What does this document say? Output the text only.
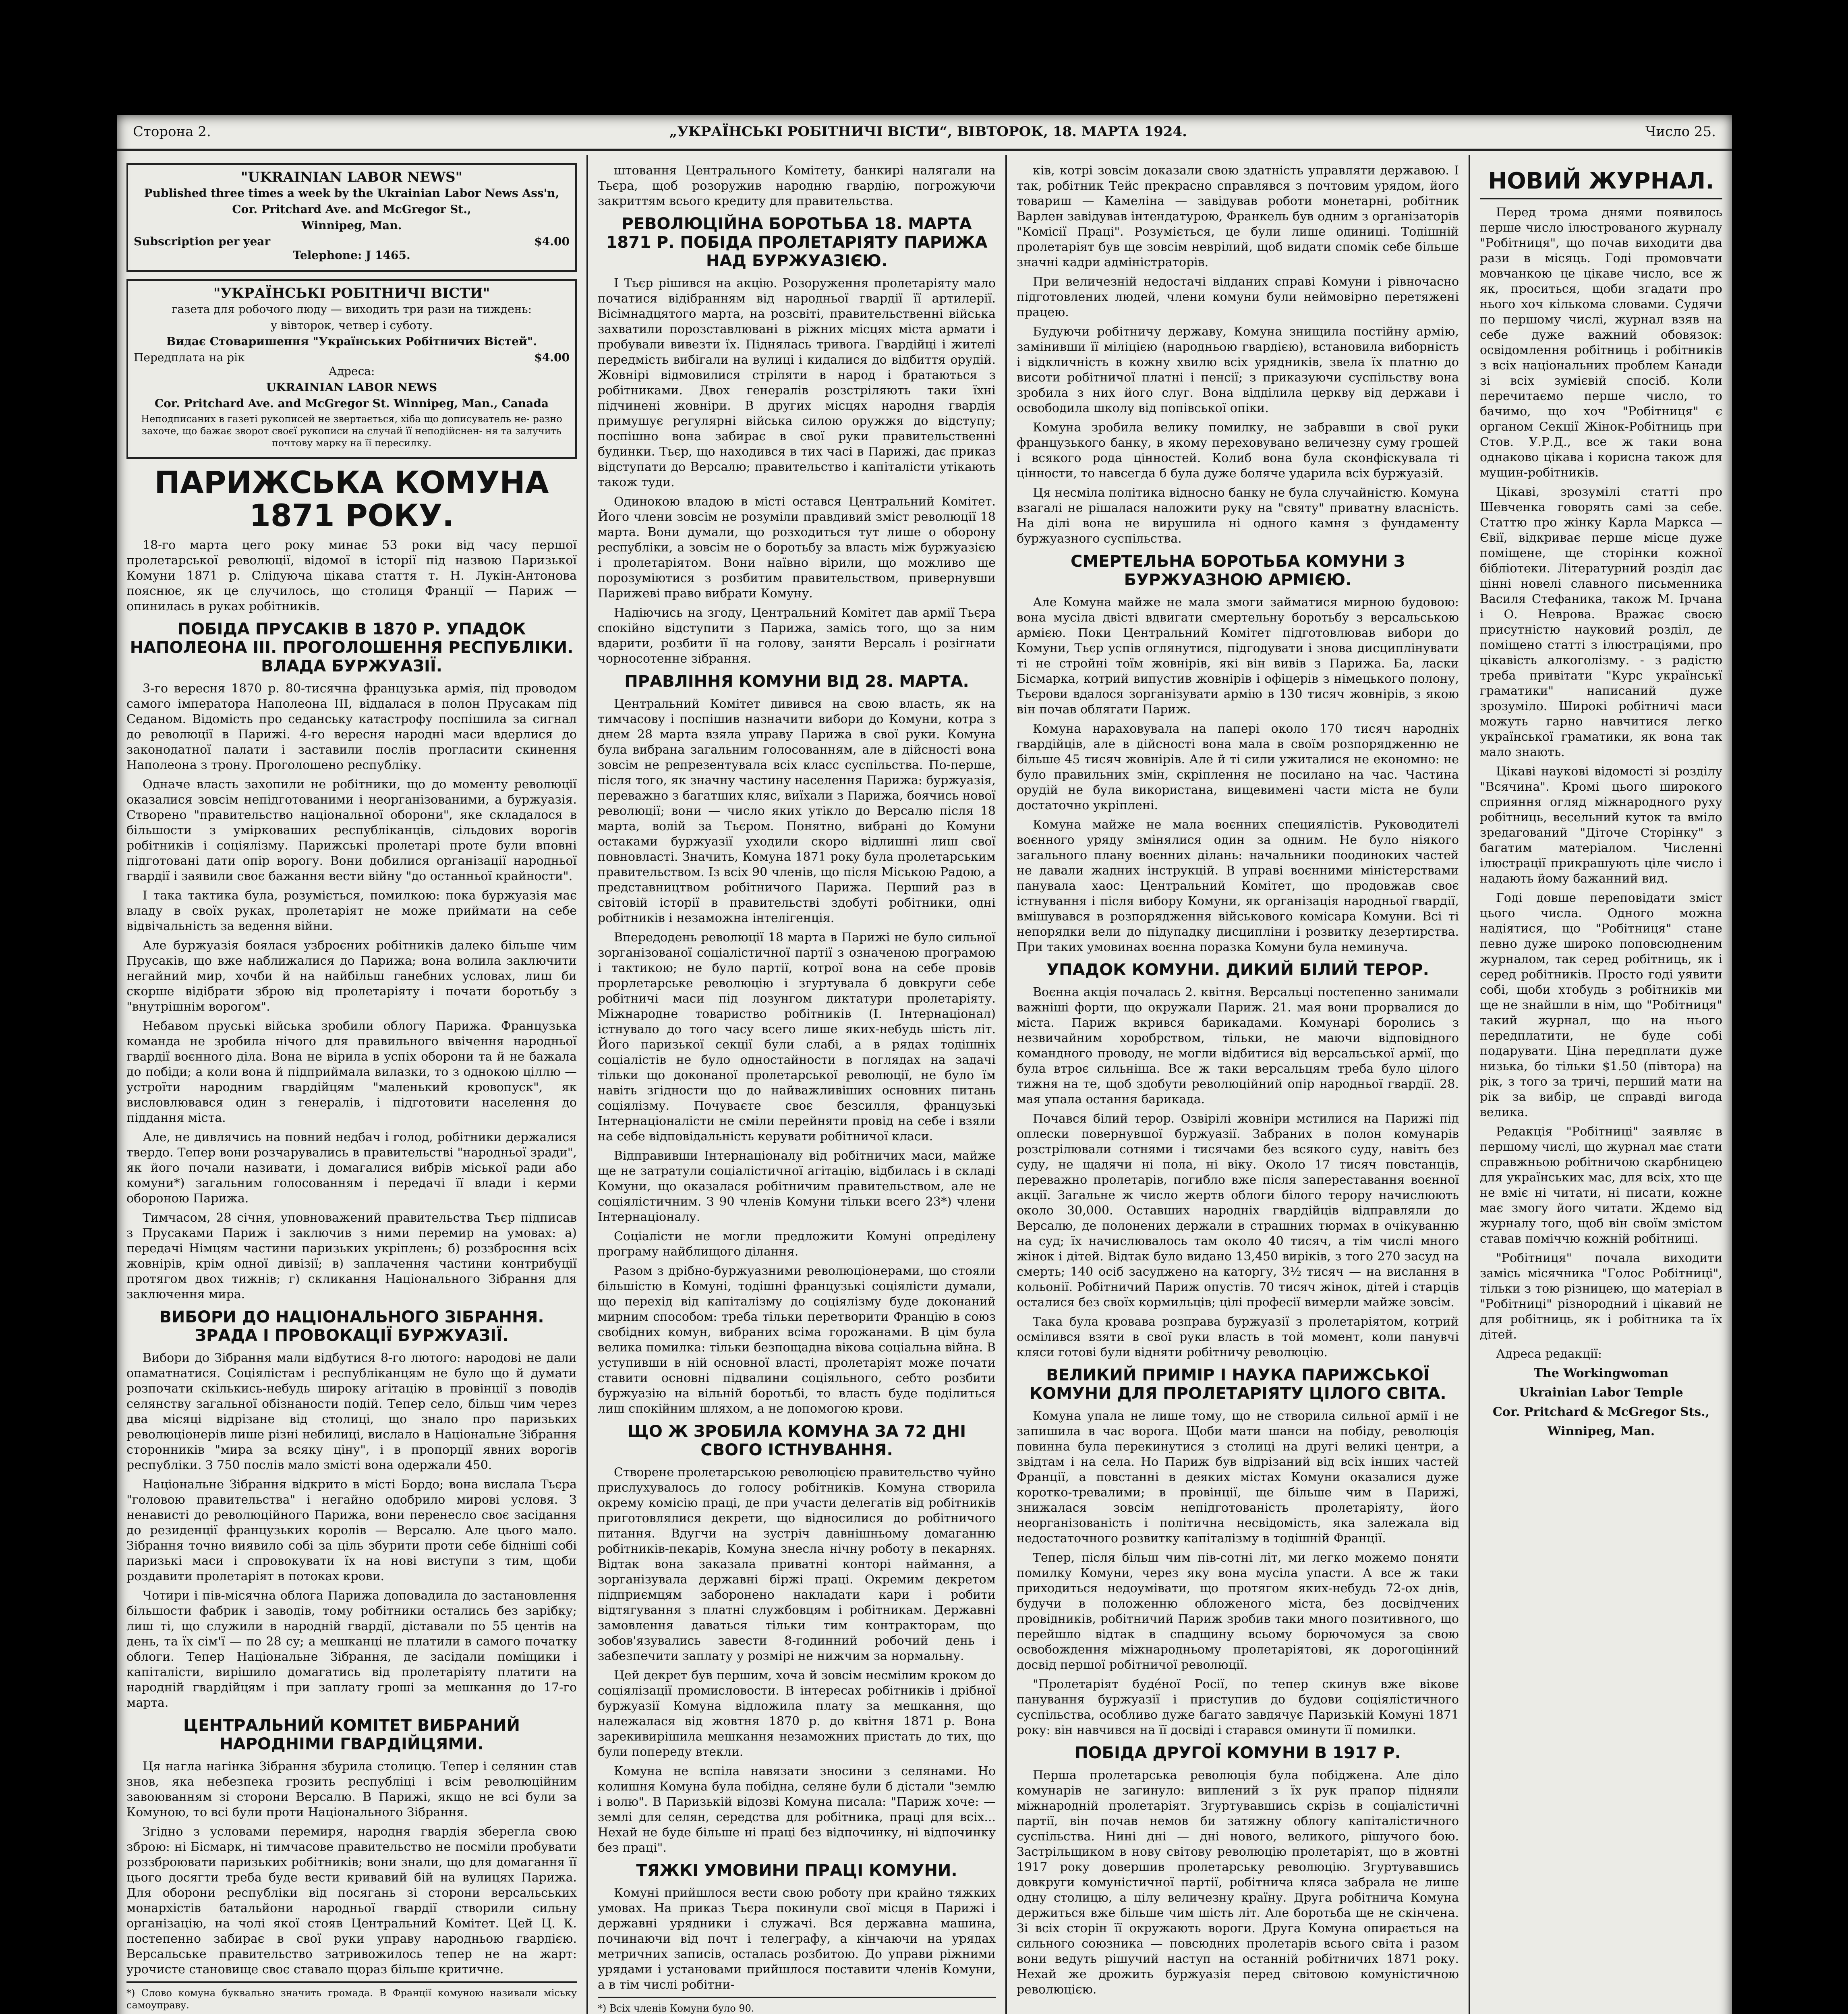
Сторона 2.	„УКРАЇНСЬКІ РОБІТНИЧІ ВІСТИ“, ВІВТОРОК, 18. МАРТА 1924.	Число 25.

"UKRAINIAN LABOR NEWS"

Published three times a week by the Ukrainian Labor News Ass'n,

Cor. Pritchard Ave. and McGregor St.,

Winnipeg, Man.

Subscription per year	$4.00

Telephone: J 1465.

"УКРАЇНСЬКІ РОБІТНИЧІ ВІСТИ"

газета для робочого люду — виходить три рази на тиждень:

у вівторок, четвер і суботу.

Видає Стоваришення "Українських Робітничих Вістей".

Передплата на рік	$4.00

Адреса:

UKRAINIAN LABOR NEWS

Cor. Pritchard Ave. and McGregor St. Winnipeg, Man., Canada

Неподписаних в газеті рукописей не звертається, хіба що дописуватель не- разно захоче, що бажає зворот своєї рукописи на случай її неподійснен- ня та залучить почтову марку на її пересилку.

ПАРИЖСЬКА КОМУНА 1871 РОКУ.

18-го марта цего року минає 53 роки від часу першої пролетарської революції, відомої в історії під назвою Паризької Комуни 1871 р. Слідуюча цікава стаття т. Н. Лукін-Антонова пояснює, як це случилось, що столиця Франції — Париж — опинилась в руках робітників.

ПОБІДА ПРУСАКІВ В 1870 Р. УПАДОК НАПОЛЕОНА III. ПРОГОЛОШЕННЯ РЕСПУБЛІКИ. ВЛАДА БУРЖУАЗІЇ.

3-го вересня 1870 р. 80-тисячна французька армія, під проводом самого імператора Наполеона III, віддалася в полон Прусакам під Седаном. Відомість про седанську катастрофу поспішила за сигнал до революції в Парижі. 4-го вересня народні маси вдерлися до законодатної палати і заставили послів прогласити скинення Наполеона з трону. Проголошено республіку.

Одначе власть захопили не робітники, що до моменту революції оказалися зовсім непідготованими і неорганізованими, а буржуазія. Створено "правительство національної оборони", яке складалося в більшости з умірковаших республіканців, сільдових ворогів робітників і соціялізму. Парижські пролетарі проте були вповні підготовані дати опір ворогу. Вони добилися організації народньої гвардії і заявили своє бажання вести війну "до останньої крайности".

І така тактика була, розуміється, помилкою: пока буржуазія має владу в своїх руках, пролетаріят не може приймати на себе відвічальність за ведення війни.

Але буржуазія боялася узброєних робітників далеко більше чим Прусаків, що вже наближалися до Парижа; вона волила заключити негайний мир, хочби й на найбільш ганебних условах, лиш би скорше відібрати зброю від пролетаріяту і почати боротьбу з "внутрішнім ворогом".

Небавом пруські війська зробили облогу Парижа. Французька команда не зробила нічого для правильного ввічення народньої гвардії воєнного діла. Вона не вірила в успіх оборони та й не бажала до побіди; а коли вона й підприймала вилазки, то з однокою ціллю — устроїти народним гвардійцям "маленький кровопуск", як висловлювався один з генералів, і підготовити населення до піддання міста.

Але, не дивлячись на повний недбач і голод, робітники держалися твердо. Тепер вони розчарувались в правительстві "народньої зради", як його почали називати, і домагалися вибрів міської ради або комуни*) загальним голосованням і передачі її влади і керми обороною Парижа.

Тимчасом, 28 січня, уповноважений правительства Тьєр підписав з Прусаками Париж і заключив з ними перемир на умовах: а) передачі Німцям частини паризьких укріплень; б) роззброєння всіх жовнірів, крім одної дивізії; в) заплачення частини контрибуції протягом двох тижнів; г) скликання Національного Зібрання для заключення мира.

ВИБОРИ ДО НАЦІОНАЛЬНОГО ЗІБРАННЯ. ЗРАДА І ПРОВОКАЦІЇ БУРЖУАЗІЇ.

Вибори до Зібрання мали відбутися 8-го лютого: народові не дали опаматнатися. Соціялістам і республіканцям не було що й думати розпочати скількись-небудь широку агітацію в провінції з поводів селянству загальної обізнаности подій. Тепер село, більш чим через два місяці відрізане від столиці, що знало про паризьких революціонерів лише різні небилиці, вислало в Національне Зібрання сторонників "мира за всяку ціну", і в пропорції явних ворогів республіки. З 750 послів мало змісті вона одержали 450.

Національне Зібрання відкрито в місті Бордо; вона вислала Тьєра "головою правительства" і негайно одобрило мирові условя. З ненависті до революційного Парижа, вони перенесло своє засідання до резиденції французьких королів — Версалю. Але цього мало. Зібрання точно виявило собі за ціль збурити проти себе бідніші собі паризькі маси і спровокувати їх на нові виступи з тим, щоби роздавити пролетаріят в потоках крови.

Чотири і пів-місячна облога Парижа доповадила до застановлення більшости фабрик і заводів, тому робітники остались без зарібку; лиш ті, що служили в народній гвардії, діставали по 55 центів на день, та їх сім'ї — по 28 су; а мешканці не платили в самого початку облоги. Тепер Національне Зібрання, де засідали поміщики і капіталісти, вирішило домагатись від пролетаріяту платити на народній гвардійцям і при заплату гроші за мешкання до 17-го марта.

ЦЕНТРАЛЬНИЙ КОМІТЕТ ВИБРАНИЙ НАРОДНІМИ ГВАРДІЙЦЯМИ.

Ця нагла нагінка Зібрання збурила столицю. Тепер і селянин став знов, яка небезпека грозить республіці і всім революційним завоюванням зі сторони Версалю. В Парижі, якщо не всі були за Комуною, то всі були проти Національного Зібрання.

Згідно з условами перемиря, народня гвардія зберегла свою зброю: ні Бісмарк, ні тимчасове правительство не посміли пробувати роззброювати паризьких робітників; вони знали, що для домагання її цього досягти треба буде вести кривавий бій на вулицях Парижа. Для оборони республіки від посягань зі сторони версальських монархістів батальйони народньої гвардії створили сильну організацію, на чолі якої стояв Центральний Комітет. Цей Ц. К. постепенно забирає в свої руки управу народньою гвардією. Версальське правительство затривожилось тепер не на жарт: урочисте становище своє ставало щораз більше критичне.

*) Слово комуна буквально значить громада. В Франції комуною називали міську самоуправу.

штовання Центрального Комітету, банкирі налягали на Тьєра, щоб розоружив народню гвардію, погрожуючи закриттям всього кредиту для правительства.

РЕВОЛЮЦІЙНА БОРОТЬБА 18. МАРТА 1871 Р. ПОБІДА ПРОЛЕТАРІЯТУ ПАРИЖА НАД БУРЖУАЗІЄЮ.

І Тьєр рішився на акцію. Розоруження пролетаріяту мало початися відібранням від народньої гвардії її артилерії. Вісімнадцятого марта, на розсвіті, правительственні війська захватили порозставлювані в ріжних місцях міста армати і пробували вивезти їх. Піднялась тривога. Гвардійці і жителі передмість вибігали на вулиці і кидалися до відбиття орудій. Жовнірі відмовилися стріляти в народ і братаються з робітниками. Двох генералів розстріляють таки їхні підчинені жовніри. В других місцях народня гвардія примушує регулярні війська силою оружжя до відступу; поспішно вона забирає в свої руки правительственні будинки. Тьєр, що находився в тих часі в Парижі, дає приказ відступати до Версалю; правительство і капіталісти утікають також туди.

Одинокою владою в місті остався Центральний Комітет. Його члени зовсім не розуміли правдивий зміст революції 18 марта. Вони думали, що розходиться тут лише о оборону республіки, а зовсім не о боротьбу за власть між буржуазією і пролетаріятом. Вони наївно вірили, що можливо ще порозуміютися з розбитим правительством, привернувши Парижеві право вибрати Комуну.

Надіючись на згоду, Центральний Комітет дав армії Тьєра спокійно відступити з Парижа, замісь того, що за ним вдарити, розбити її на голову, заняти Версаль і розігнати чорносотенне зібрання.

ПРАВЛІННЯ КОМУНИ ВІД 28. МАРТА.

Центральний Комітет дивився на свою власть, як на тимчасову і поспішив назначити вибори до Комуни, котра з днем 28 марта взяла управу Парижа в свої руки. Комуна була вибрана загальним голосованням, але в дійсності вона зовсім не репрезентувала всіх класс суспільства. По-перше, після того, як значну частину населення Парижа: буржуазія, переважно з багатших кляс, виїхали з Парижа, боячись нової революції; вони — число яких утікло до Версалю після 18 марта, волій за Тьєром. Понятно, вибрані до Комуни остаками буржуазії уходили скоро відлишні лиш свої повновласті. Значить, Комуна 1871 року була пролетарським правительством. Із всіх 90 членів, що після Міською Радою, а представництвом робітничого Парижа. Перший раз в світовій історії в правительстві здобуті робітники, одні робітників і незаможна інтелігенція.

Впередодень революції 18 марта в Парижі не було сильної зорганізованої соціалістичної партії з означеною програмою і тактикою; не було партії, котрої вона на себе провів прорлетарське революцію і згуртувала б довкруги себе робітничі маси під лозунгом диктатури пролетаріяту. Міжнародне товариство робітників (І. Інтернаціонал) істнувало до того часу всего лише яких-небудь шість літ. Його паризької секції були слабі, а в рядах тодішніх соціалістів не було одностайности в поглядах на задачі тільки що доконаної пролетарської революції, не було їм навіть згідности що до найважливіших основних питань соціялізму. Почуваєте своє безсилля, французькі Інтернаціоналісти не сміли перейняти провід на себе і взяли на себе відповідальність керувати робітничої класи.

Відправивши Інтернаціоналу від робітничих маси, майже ще не затратули соціалістичної агітацію, відбилась і в складі Комуни, що оказалася робітничим правительством, але не соціялістичним. З 90 членів Комуни тільки всего 23*) члени Інтернаціоналу.

Соціалісти не могли предложити Комуні опреділену програму найблищого ділання.

Разом з дрібно-буржуазними революціонерами, що стояли більшістю в Комуні, тодішні французькі соціялісти думали, що перехід від капіталізму до соціялізму буде доконаний мирним способом: треба тільки перетворити Францію в союз свобідних комун, вибраних всіма горожанами. В цім була велика помилка: тільки безпощадна вікова соціальна війна. В уступивши в ній основної власті, пролетаріят може почати ставити основні підвалини соціяльного, себто розбити буржуазію на вільній боротьбі, то власть буде поділиться лиш спокійним шляхом, а не допомогою крови.

ЩО Ж ЗРОБИЛА КОМУНА ЗА 72 ДНІ СВОГО ІСТНУВАННЯ.

Створене пролетарською революцією правительство чуйно прислухувалось до голосу робітників. Комуна створила окрему комісію праці, де при участи делегатів від робітників приготовлялися декрети, що відносилися до робітничого питання. Вдугчи на зустріч давнішньому домаганню робітників-пекарів, Комуна знесла нічну роботу в пекарнях. Відтак вона заказала приватні конторі наймання, а зорганізувала державні біржі праці. Окремим декретом підприємцям заборонено накладати кари і робити відтягування з платні службовцям і робітникам. Державні замовлення даваться тільки тим контракторам, що зобов'язувались завести 8-годинний робочий день і забезпечити заплату у розмірі не нижчим за нормальну.

Цей декрет був першим, хоча й зовсім несмілим кроком до соціялізації промисловости. В інтересах робітників і дрібної буржуазії Комуна відложила плату за мешкання, що належалася від жовтня 1870 р. до квітня 1871 р. Вона зарекивирішила мешкання незаможних пристать до тих, що були попереду втекли.

Комуна не вспіла навязати зносини з селянами. Но колишня Комуна була побідна, селяне були б дістали "землю і волю". В Паризькій відозві Комуна писала: "Париж хоче: — землі для селян, середства для робітника, праці для всіх... Нехай не буде більше ні праці без відпочинку, ні відпочинку без праці".

ТЯЖКІ УМОВИНИ ПРАЦІ КОМУНИ.

Комуні прийшлося вести свою роботу при крайно тяжких умовах. На приказ Тьєра покинули свої місця в Парижі і державні урядники і служачі. Вся державна машина, починаючи від почт і телеграфу, а кінчаючи на урядах метричних записів, осталась розбитою. До управи ріжними урядами і установами прийшлося поставити членів Комуни, а в тім числі робітни-

*) Всіх членів Комуни було 90.

ків, котрі зовсім доказали свою здатність управляти державою. І так, робітник Тейс прекрасно справлявся з почтовим урядом, його товариш — Камеліна — завідував роботи монетарні, робітник Варлен завідував інтендатурою, Франкель був одним з організаторів "Комісії Праці". Розуміється, це були лише одиниці. Тодішній пролетаріят був ще зовсім неврілий, щоб видати спомік себе більше значні кадри адміністраторів.

При величезній недостачі відданих справі Комуни і рівночасно підготовлених людей, члени комуни були неймовірно перетяжені працею.

Будуючи робітничу державу, Комуна знищила постійну армію, замінивши її міліцією (народньою гвардією), встановила виборність і відкличність в кожну хвилю всіх урядників, звела їх платню до висоти робітничої платні і пенсії; з приказуючи суспільству вона зробила з них його слуг. Вона відділила церкву від держави і освободила школу від попівської опіки.

Комуна зробила велику помилку, не забравши в свої руки французького банку, в якому переховувано величезну суму грошей і всякого рода цінностей. Колиб вона була сконфіскувала ті цінности, то навсегда б була дуже боляче ударила всіх буржуазій.

Ця несміла політика відносно банку не була случайністю. Комуна взагалі не рішалася наложити руку на "святу" приватну власність. На ділі вона не вирушила ні одного камня з фундаменту буржуазного суспільства.

СМЕРТЕЛЬНА БОРОТЬБА КОМУНИ З БУРЖУАЗНОЮ АРМІЄЮ.

Але Комуна майже не мала змоги займатися мирною будовою: вона мусіла двісті вдвигати смертельну боротьбу з версальською армією. Поки Центральний Комітет підготовлював вибори до Комуни, Тьєр успів оглянутися, підгодувати і знова дисциплінувати ті не стройні тоїм жовнірів, які він вивів з Парижа. Ба, ласки Бісмарка, котрий випустив жовнірів і офіцерів з німецького полону, Тьєрови вдалося зорганізувати армію в 130 тисяч жовнірів, з якою він почав облягати Париж.

Комуна нараховувала на папері около 170 тисяч народніх гвардійців, але в дійсності вона мала в своїм розпорядженню не більше 45 тисяч жовнірів. Але й ті сили ужиталися не економно: не було правильних змін, скріплення не посилано на час. Частина орудій не була використана, вищевимені части міста не були достаточно укріплені.

Комуна майже не мала воєнних специялістів. Руководителі воєнного уряду змінялися один за одним. Не було ніякого загального плану воєнних ділань: начальники поодиноких частей не давали жадних інструкцій. В управі воєнними міністерствами панувала хаос: Центральний Комітет, що продовжав своє істнування і після вибору Комуни, як організація народньої гвардії, вмішувався в розпорядження військового комісара Комуни. Всі ті непорядки вели до підупадку дисципліни і розвитку дезертирства. При таких умовинах воєнна поразка Комуни була неминуча.

УПАДОК КОМУНИ. ДИКИЙ БІЛИЙ ТЕРОР.

Воєнна акція почалась 2. квітня. Версальці постепенно занимали важніші форти, що окружали Париж. 21. мая вони прорвалися до міста. Париж вкрився барикадами. Комунарі боролись з незвичайним хоробрством, тільки, не маючи відповідного командного проводу, не могли відбитися від версальської армії, що була втроє сильніша. Все ж таки версальцям треба було цілого тижня на те, щоб здобути революційний опір народньої гвардії. 28. мая упала остання барикада.

Почався білий терор. Озвірілі жовніри мстилися на Парижі під оплески повернувшої буржуазії. Забраних в полон комунарів розстрілювали сотнями і тисячами без всякого суду, навіть без суду, не щадячи ні пола, ні віку. Около 17 тисяч повстанців, переважно пролетарів, погибло вже після запереставання воєнної акції. Загальне ж число жертв облоги білого терору начислюють около 30,000. Оставших народніх гвардійців відправляли до Версалю, де полонених держали в страшних тюрмах в очікуванню на суд; їх начислювалось там около 40 тисяч, а тім числі много жінок і дітей. Відтак було видано 13,450 виріків, з того 270 засуд на смерть; 140 осіб засуджено на каторгу, 3½ тисяч — на вислання в кольонії. Робітничий Париж опустів. 70 тисяч жінок, дітей і старців осталися без своїх кормильців; цілі професії вимерли майже зовсім.

Така була кровава розправа буржуазії з пролетаріятом, котрий осмілився взяти в свої руки власть в той момент, коли панувчі кляси готові були відняти робітничу революцію.

ВЕЛИКИЙ ПРИМІР І НАУКА ПАРИЖСЬКОЇ КОМУНИ ДЛЯ ПРОЛЕТАРІЯТУ ЦІЛОГО СВІТА.

Комуна упала не лише тому, що не створила сильної армії і не запишила в час ворога. Щоби мати шанси на побіду, революція повинна була перекинутися з столиці на другі великі центри, а звідтам і на села. Но Париж був відрізаний від всіх інших частей Франції, а повстанні в деяких містах Комуни оказалися дуже коротко-тревалими; в провінції, ще більше чим в Парижі, знижалася зовсім непідготованість пролетаріяту, його неорганізованість і політична несвідомість, яка залежала від недостаточного розвитку капіталізму в тодішній Франції.

Тепер, після більш чим пів-сотні літ, ми легко можемо поняти помилку Комуни, через яку вона мусіла упасти. А все ж таки приходиться недоумівати, що протягом яких-небудь 72-ох днів, будучи в положенню обложеного міста, без досвідчених провідників, робітничий Париж зробив таки много позитивного, що перейшло відтак в спадщину всьому борючомуся за свою освобождення міжнародньому пролетаріятові, як дорогоцінний досвід першої робітничої революції.

"Пролетаріят буде́ної Росії, по тепер скинув вже вікове панування буржуазії і приступив до будови соціялістичного суспільства, особливо дуже багато завдячує Паризькій Комуні 1871 року: він навчився на її досвіді і старався оминути її помилки.

ПОБІДА ДРУГОЇ КОМУНИ В 1917 Р.

Перша пролетарська революція була побіджена. Але діло комунарів не загинуло: виплений з їх рук прапор підняли міжнародній пролетаріят. Згуртувавшись скрізь в соціалістичні партії, він почав немов би затяжну облогу капіталістичного суспільства. Нині дні — дні нового, великого, рішучого бою. Застрільщиком в нову світову революцію пролетаріят, що в жовтні 1917 року довершив пролетарську революцію. Згуртувавшись довкруги комуністичної партії, робітнича кляса забрала не лише одну столицю, а цілу величезну країну. Друга робітнича Комуна держиться вже більше чим шість літ. Але боротьба ще не скінчена. Зі всіх сторін її окружають вороги. Друга Комуна опирається на сильного союзника — повсюдних пролетарів всього світа і разом вони ведуть рішучий наступ на останній робітничих 1871 року. Нехай же дрожить буржуазія перед світовою комуністичною революцією.

НОВИЙ ЖУРНАЛ.

Перед трома днями появилось перше число ілюстрованого журналу "Робітниця", що почав виходити два рази в місяць. Годі промовчати мовчанкою це цікаве число, все ж як, проситься, щоби згадати про нього хоч кількома словами. Судячи по першому числі, журнал взяв на себе дуже важний обовязок: освідомлення робітниць і робітників з всіх національних проблем Канади зі всіх зумієвій спосіб. Коли перечитаємо перше число, то бачимо, що хоч "Робітниця" є органом Секції Жінок-Робітниць при Стов. У.Р.Д., все ж таки вона однаково цікава і корисна також для мущин-робітників.

Цікаві, зрозумілі статті про Шевченка говорять самі за себе. Статтю про жінку Карла Маркса — Євії, відкриває перше місце дуже поміщене, ще сторінки кожної бібліотеки. Літературний розділ дає цінні новелі славного письменника Василя Стефаника, також М. Ірчана і О. Неврова. Вражає своєю присутністю науковий розділ, де поміщено статті з ілюстраціями, про цікавість алкоголізму. - з радістю треба привітати "Курс українськї граматики" написаний дуже зрозуміло. Широкі робітничі маси можуть гарно навчитися легко української граматики, як вона так мало знають.

Цікаві наукові відомості зі розділу "Всячина". Кромі цього широкого сприяння огляд міжнародного руху робітниць, весельний куток та вміло зредагований "Діточе Сторінку" з багатим матеріалом. Численні ілюстрації прикрашують ціле число і надають йому бажанний вид.

Годі довше переповідати зміст цього числа. Одного можна надіятися, що "Робітниця" стане певно дуже широко поповсюдненим журналом, так серед робітниць, як і серед робітників. Просто годі уявити собі, щоби хтобудь з робітників ми ще не знайшли в нім, що "Робітниця" такий журнал, що на нього передплатити, не буде собі подарувати. Ціна передплати дуже низька, бо тільки $1.50 (півтора) на рік, з того за тричі, перший мати на рік за вибір, це справді вигода велика.

Редакція "Робітниці" заявляє в першому числі, що журнал має стати справжньою робітничою скарбницею для українських мас, для всіх, хто ще не вміє ні читати, ні писати, кожне має змогу його читати. Ждемо від журналу того, щоб він своїм змістом ставав поміччю кожній робітниці.

"Робітниця" почала виходити замісь місячника "Голос Робітниці", тільки з тою різницею, що матеріал в "Робітниці" різнородний і цікавий не для робітниць, як і робітника та їх дітей.

Адреса редакції:

The Workingwoman

Ukrainian Labor Temple

Cor. Pritchard & McGregor Sts.,

Winnipeg, Man.
